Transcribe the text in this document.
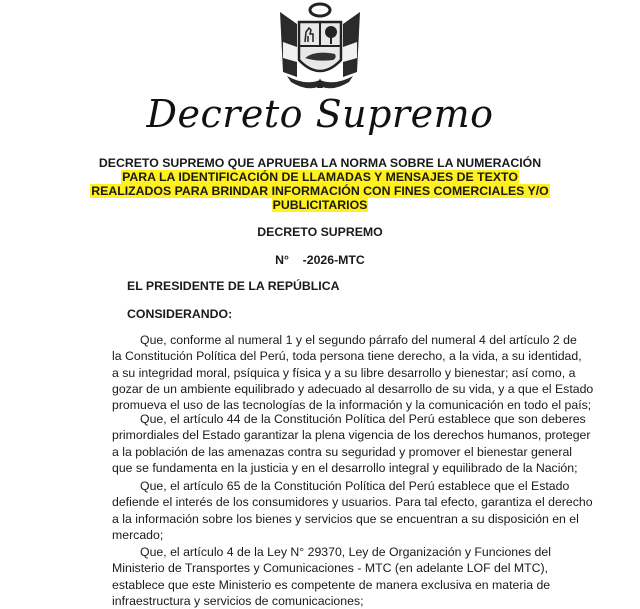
Decreto Supremo
DECRETO SUPREMO QUE APRUEBA LA NORMA SOBRE LA NUMERACIÓN
PARA LA IDENTIFICACIÓN DE LLAMADAS Y MENSAJES DE TEXTO
REALIZADOS PARA BRINDAR INFORMACIÓN CON FINES COMERCIALES Y/O
PUBLICITARIOS
DECRETO SUPREMO
N°    -2026-MTC
EL PRESIDENTE DE LA REPÚBLICA
CONSIDERANDO:
Que, conforme al numeral 1 y el segundo párrafo del numeral 4 del artículo 2 de
la Constitución Política del Perú, toda persona tiene derecho, a la vida, a su identidad,
a su integridad moral, psíquica y física y a su libre desarrollo y bienestar; así como, a
gozar de un ambiente equilibrado y adecuado al desarrollo de su vida, y a que el Estado
promueva el uso de las tecnologías de la información y la comunicación en todo el país;
Que, el artículo 44 de la Constitución Política del Perú establece que son deberes
primordiales del Estado garantizar la plena vigencia de los derechos humanos, proteger
a la población de las amenazas contra su seguridad y promover el bienestar general
que se fundamenta en la justicia y en el desarrollo integral y equilibrado de la Nación;
Que, el artículo 65 de la Constitución Política del Perú establece que el Estado
defiende el interés de los consumidores y usuarios. Para tal efecto, garantiza el derecho
a la información sobre los bienes y servicios que se encuentran a su disposición en el
mercado;
Que, el artículo 4 de la Ley N° 29370, Ley de Organización y Funciones del
Ministerio de Transportes y Comunicaciones - MTC (en adelante LOF del MTC),
establece que este Ministerio es competente de manera exclusiva en materia de
infraestructura y servicios de comunicaciones;
